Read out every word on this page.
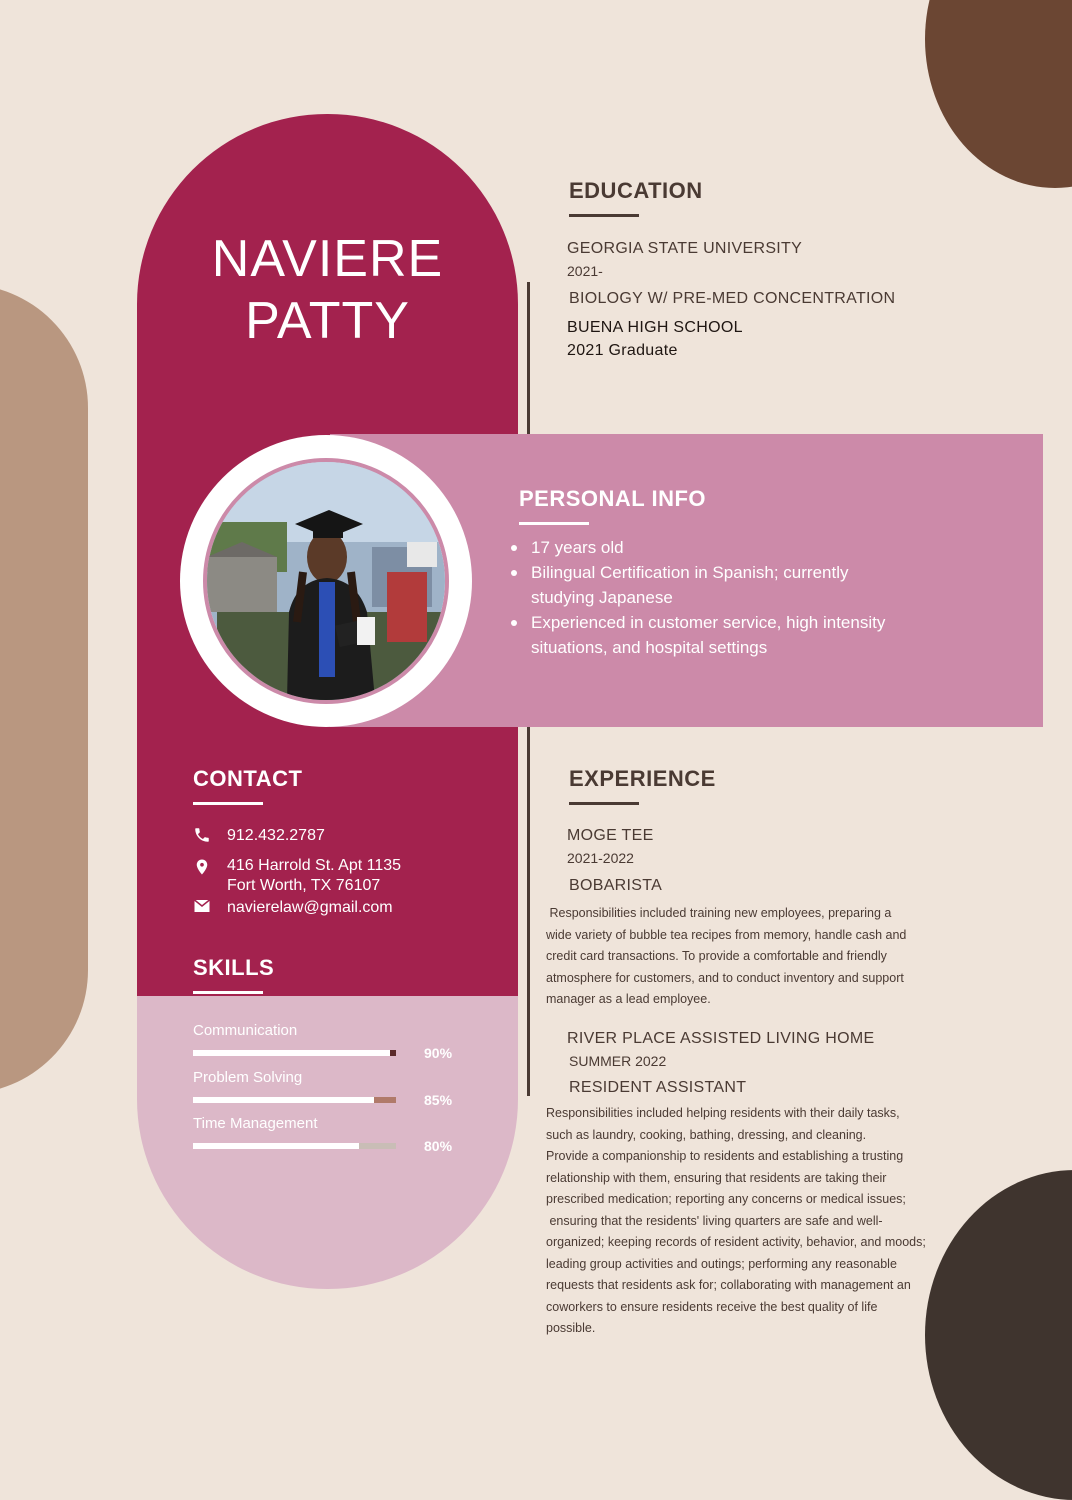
NAVIERE
PATTY
EDUCATION
GEORGIA STATE UNIVERSITY
2021-
BIOLOGY W/ PRE-MED CONCENTRATION
BUENA HIGH SCHOOL
2021 Graduate
PERSONAL INFO
17 years old
Bilingual Certification in Spanish; currently studying Japanese
Experienced in customer service, high intensity situations, and hospital settings
CONTACT
912.432.2787
416 Harrold St. Apt 1135
Fort Worth, TX 76107
navierelaw@gmail.com
SKILLS
Communication
90%
Problem Solving
85%
Time Management
80%
EXPERIENCE
MOGE TEE
2021-2022
BOBARISTA
Responsibilities included training new employees, preparing a
wide variety of bubble tea recipes from memory, handle cash and
credit card transactions. To provide a comfortable and friendly
atmosphere for customers, and to conduct inventory and support
manager as a lead employee.
RIVER PLACE ASSISTED LIVING HOME
SUMMER 2022
RESIDENT ASSISTANT
Responsibilities included helping residents with their daily tasks,
such as laundry, cooking, bathing, dressing, and cleaning.
Provide a companionship to residents and establishing a trusting
relationship with them, ensuring that residents are taking their
prescribed medication; reporting any concerns or medical issues;
ensuring that the residents' living quarters are safe and well-
organized; keeping records of resident activity, behavior, and moods;
leading group activities and outings; performing any reasonable
requests that residents ask for; collaborating with management an
coworkers to ensure residents receive the best quality of life
possible.
